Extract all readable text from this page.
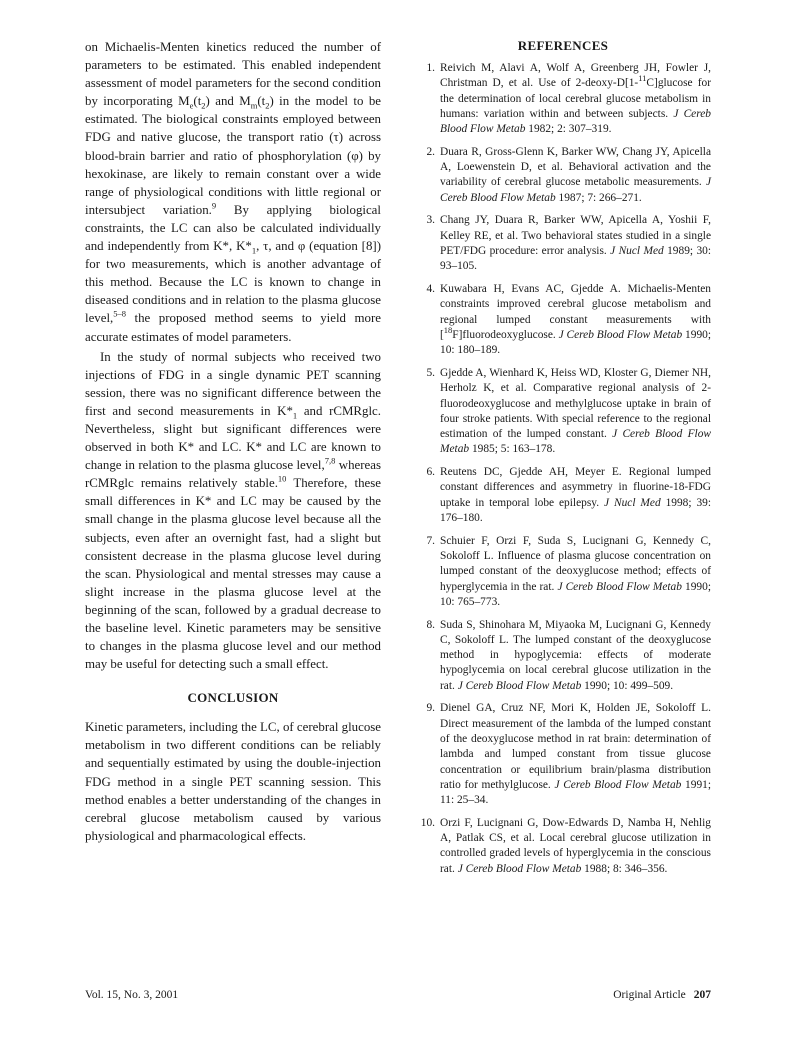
on Michaelis-Menten kinetics reduced the number of parameters to be estimated. This enabled independent assessment of model parameters for the second condition by incorporating $M_e(t_2)$ and $M_m(t_2)$ in the model to be estimated. The biological constraints employed between FDG and native glucose, the transport ratio (τ) across blood-brain barrier and ratio of phosphorylation (φ) by hexokinase, are likely to remain constant over a wide range of physiological conditions with little regional or intersubject variation.$^9$ By applying biological constraints, the LC can also be calculated individually and independently from K*, $K*_1$, τ, and φ (equation [8]) for two measurements, which is another advantage of this method. Because the LC is known to change in diseased conditions and in relation to the plasma glucose level,$^{5-8}$ the proposed method seems to yield more accurate estimates of model parameters.

In the study of normal subjects who received two injections of FDG in a single dynamic PET scanning session, there was no significant difference between the first and second measurements in $K*_1$ and rCMRglc. Nevertheless, slight but significant differences were observed in both K* and LC. K* and LC are known to change in relation to the plasma glucose level,$^{7,8}$ whereas rCMRglc remains relatively stable.$^{10}$ Therefore, these small differences in K* and LC may be caused by the small change in the plasma glucose level because all the subjects, even after an overnight fast, had a slight but consistent decrease in the plasma glucose level during the scan. Physiological and mental stresses may cause a slight increase in the plasma glucose level at the beginning of the scan, followed by a gradual decrease to the baseline level. Kinetic parameters may be sensitive to changes in the plasma glucose level and our method may be useful for detecting such a small effect.

CONCLUSION

Kinetic parameters, including the LC, of cerebral glucose metabolism in two different conditions can be reliably and sequentially estimated by using the double-injection FDG method in a single PET scanning session. This method enables a better understanding of the changes in cerebral glucose metabolism caused by various physiological and pharmacological effects.

REFERENCES
1. Reivich M, Alavi A, Wolf A, Greenberg JH, Fowler J, Christman D, et al. Use of 2-deoxy-D[1-$^{11}$C]glucose for the determination of local cerebral glucose metabolism in humans: variation within and between subjects. J Cereb Blood Flow Metab 1982; 2: 307–319.
2. Duara R, Gross-Glenn K, Barker WW, Chang JY, Apicella A, Loewenstein D, et al. Behavioral activation and the variability of cerebral glucose metabolic measurements. J Cereb Blood Flow Metab 1987; 7: 266–271.
3. Chang JY, Duara R, Barker WW, Apicella A, Yoshii F, Kelley RE, et al. Two behavioral states studied in a single PET/FDG procedure: error analysis. J Nucl Med 1989; 30: 93–105.
4. Kuwabara H, Evans AC, Gjedde A. Michaelis-Menten constraints improved cerebral glucose metabolism and regional lumped constant measurements with [$^{18}$F]fluorodeoxyglucose. J Cereb Blood Flow Metab 1990; 10: 180–189.
5. Gjedde A, Wienhard K, Heiss WD, Kloster G, Diemer NH, Herholz K, et al. Comparative regional analysis of 2-fluorodeoxyglucose and methylglucose uptake in brain of four stroke patients. With special reference to the regional estimation of the lumped constant. J Cereb Blood Flow Metab 1985; 5: 163–178.
6. Reutens DC, Gjedde AH, Meyer E. Regional lumped constant differences and asymmetry in fluorine-18-FDG uptake in temporal lobe epilepsy. J Nucl Med 1998; 39: 176–180.
7. Schuier F, Orzi F, Suda S, Lucignani G, Kennedy C, Sokoloff L. Influence of plasma glucose concentration on lumped constant of the deoxyglucose method; effects of hyperglycemia in the rat. J Cereb Blood Flow Metab 1990; 10: 765–773.
8. Suda S, Shinohara M, Miyaoka M, Lucignani G, Kennedy C, Sokoloff L. The lumped constant of the deoxyglucose method in hypoglycemia: effects of moderate hypoglycemia on local cerebral glucose utilization in the rat. J Cereb Blood Flow Metab 1990; 10: 499–509.
9. Dienel GA, Cruz NF, Mori K, Holden JE, Sokoloff L. Direct measurement of the lambda of the lumped constant of the deoxyglucose method in rat brain: determination of lambda and lumped constant from tissue glucose concentration or equilibrium brain/plasma distribution ratio for methylglucose. J Cereb Blood Flow Metab 1991; 11: 25–34.
10. Orzi F, Lucignani G, Dow-Edwards D, Namba H, Nehlig A, Patlak CS, et al. Local cerebral glucose utilization in controlled graded levels of hyperglycemia in the conscious rat. J Cereb Blood Flow Metab 1988; 8: 346–356.
Vol. 15, No. 3, 2001	Original Article 207
